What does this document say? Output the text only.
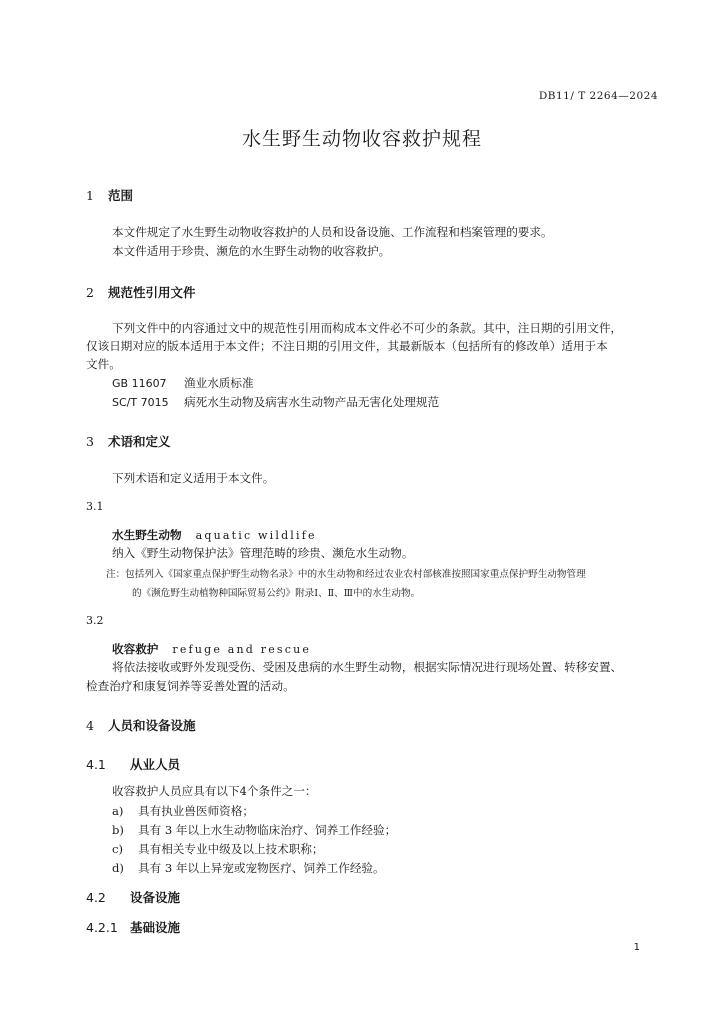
DB11/ T 2264—2024
水生野生动物收容救护规程
1 范围
本文件规定了水生野生动物收容救护的人员和设备设施、工作流程和档案管理的要求。
本文件适用于珍贵、濒危的水生野生动物的收容救护。
2 规范性引用文件
下列文件中的内容通过文中的规范性引用而构成本文件必不可少的条款。其中，注日期的引用文件，
仅该日期对应的版本适用于本文件；不注日期的引用文件，其最新版本（包括所有的修改单）适用于本
文件。
GB 11607 渔业水质标准
SC/T 7015 病死水生动物及病害水生动物产品无害化处理规范
3 术语和定义
下列术语和定义适用于本文件。
3.1
水生野生动物 aquatic wildlife
纳入《野生动物保护法》管理范畴的珍贵、濒危水生动物。
注：包括列入《国家重点保护野生动物名录》中的水生动物和经过农业农村部核准按照国家重点保护野生动物管理
的《濒危野生动植物种国际贸易公约》附录Ⅰ、Ⅱ、Ⅲ中的水生动物。
3.2
收容救护 refuge and rescue
将依法接收或野外发现受伤、受困及患病的水生野生动物，根据实际情况进行现场处置、转移安置、
检查治疗和康复饲养等妥善处置的活动。
4 人员和设备设施
4.1 从业人员
收容救护人员应具有以下4个条件之一：
a) 具有执业兽医师资格；
b) 具有 3 年以上水生动物临床治疗、饲养工作经验；
c) 具有相关专业中级及以上技术职称；
d) 具有 3 年以上异宠或宠物医疗、饲养工作经验。
4.2 设备设施
4.2.1 基础设施
1
